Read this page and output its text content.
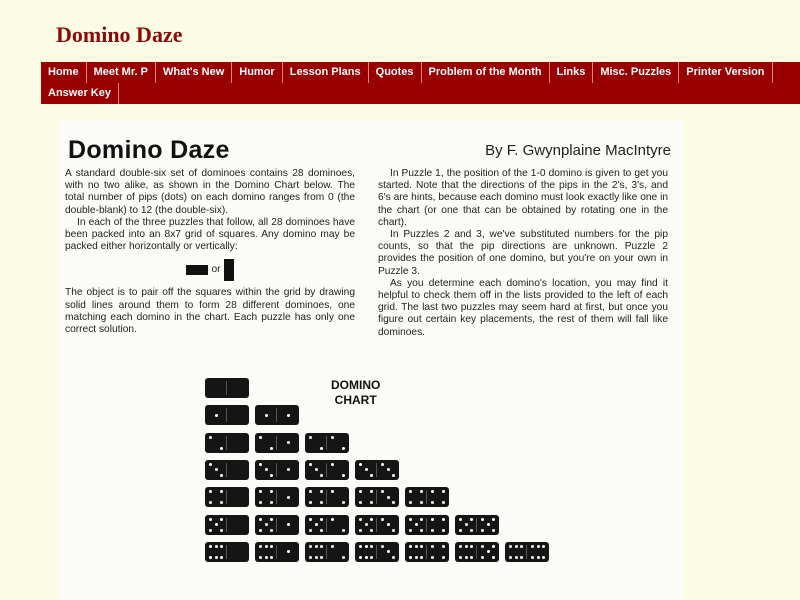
Domino Daze
Home	Meet Mr. P	What's New	Humor	Lesson Plans	Quotes	Problem of the Month	Links	Misc. Puzzles	Printer Version
Answer Key
Domino Daze	By F. Gwynplaine MacIntyre

A standard double-six set of dominoes contains 28 dominoes, with no two alike, as shown in the Domino Chart below. The total number of pips (dots) on each domino ranges from 0 (the double-blank) to 12 (the double-six).

In each of the three puzzles that follow, all 28 dominoes have been packed into an 8x7 grid of squares. Any domino may be packed either horizontally or vertically:

or

The object is to pair off the squares within the grid by drawing solid lines around them to form 28 different dominoes, one matching each domino in the chart. Each puzzle has only one correct solution.

In Puzzle 1, the position of the 1-0 domino is given to get you started. Note that the directions of the pips in the 2's, 3's, and 6's are hints, because each domino must look exactly like one in the chart (or one that can be obtained by rotating one in the chart).

In Puzzles 2 and 3, we've substituted numbers for the pip counts, so that the pip directions are unknown. Puzzle 2 provides the position of one domino, but you're on your own in Puzzle 3.

As you determine each domino's location, you may find it helpful to check them off in the lists provided to the left of each grid. The last two puzzles may seem hard at first, but once you figure out certain key placements, the rest of them will fall like dominoes.

DOMINO
CHART
